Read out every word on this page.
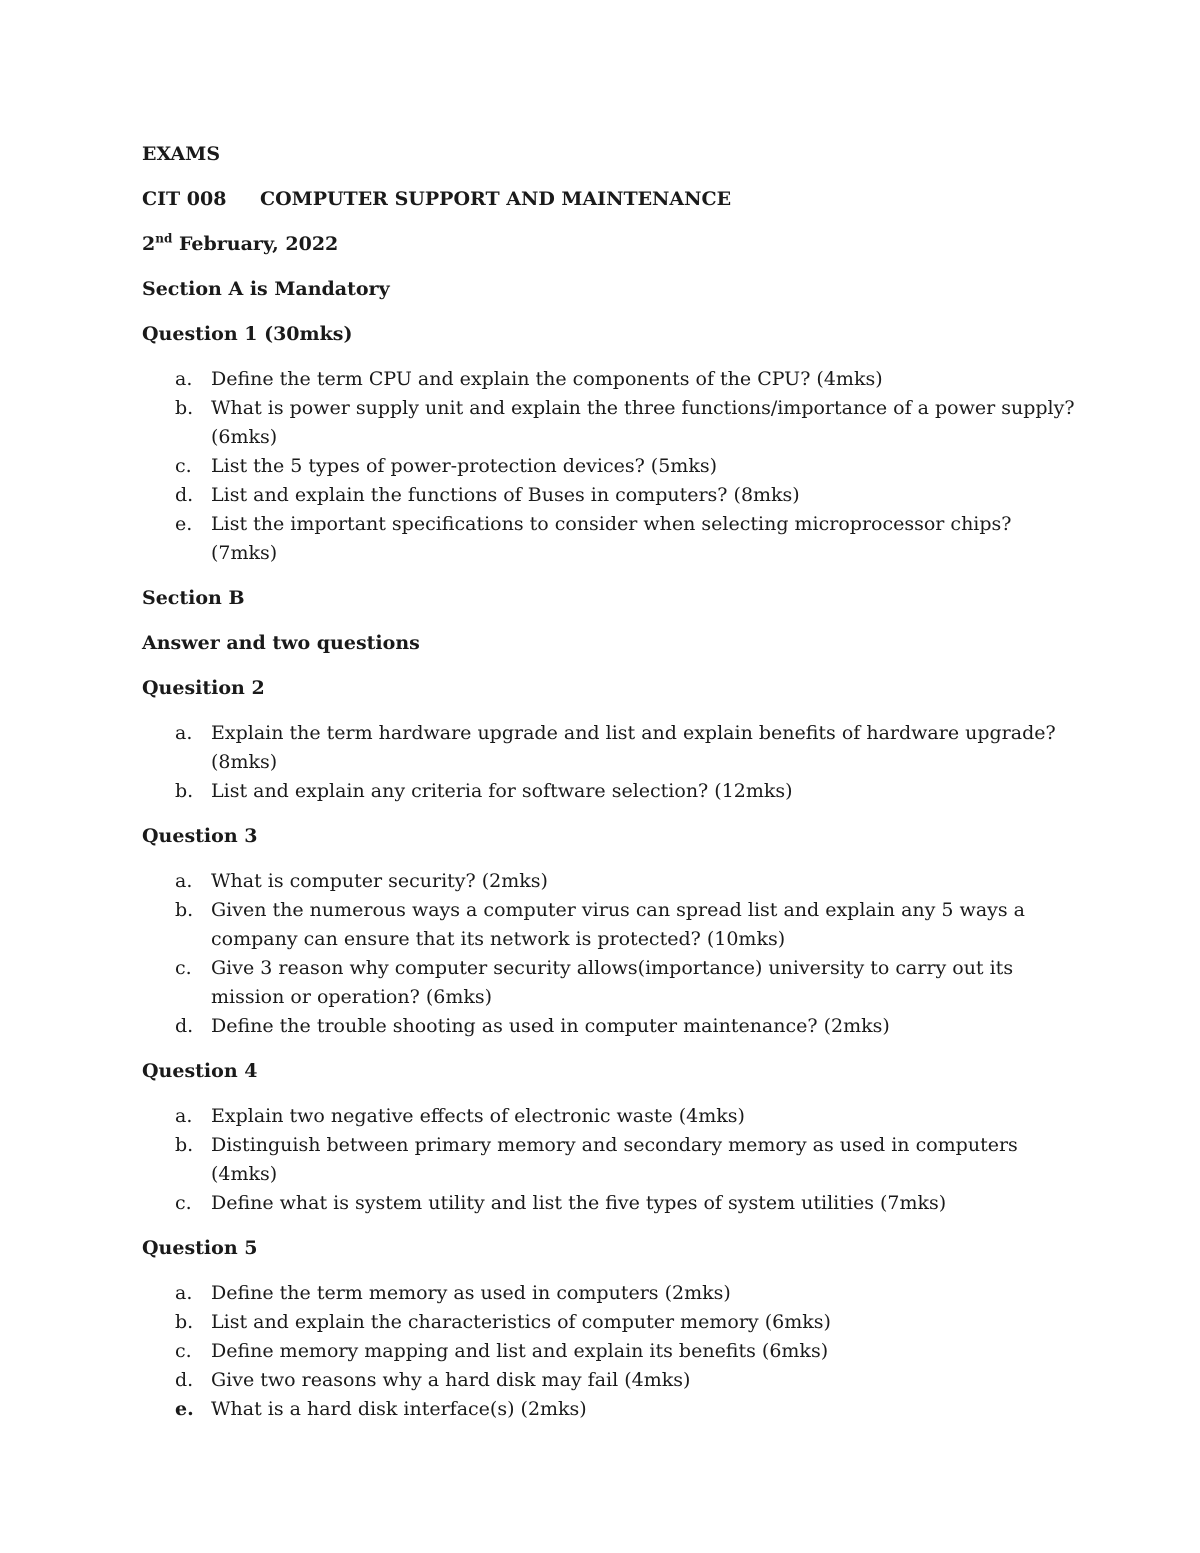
EXAMS
CIT 008 COMPUTER SUPPORT AND MAINTENANCE
2nd February, 2022
Section A is Mandatory
Question 1 (30mks)
a. Define the term CPU and explain the components of the CPU? (4mks)
b. What is power supply unit and explain the three functions/importance of a power supply?
(6mks)
c. List the 5 types of power-protection devices? (5mks)
d. List and explain the functions of Buses in computers? (8mks)
e. List the important specifications to consider when selecting microprocessor chips?
(7mks)
Section B
Answer and two questions
Quesition 2
a. Explain the term hardware upgrade and list and explain benefits of hardware upgrade?
(8mks)
b. List and explain any criteria for software selection? (12mks)
Question 3
a. What is computer security? (2mks)
b. Given the numerous ways a computer virus can spread list and explain any 5 ways a
company can ensure that its network is protected? (10mks)
c. Give 3 reason why computer security allows(importance) university to carry out its
mission or operation? (6mks)
d. Define the trouble shooting as used in computer maintenance? (2mks)
Question 4
a. Explain two negative effects of electronic waste (4mks)
b. Distinguish between primary memory and secondary memory as used in computers
(4mks)
c. Define what is system utility and list the five types of system utilities (7mks)
Question 5
a. Define the term memory as used in computers (2mks)
b. List and explain the characteristics of computer memory (6mks)
c. Define memory mapping and list and explain its benefits (6mks)
d. Give two reasons why a hard disk may fail (4mks)
e. What is a hard disk interface(s) (2mks)
